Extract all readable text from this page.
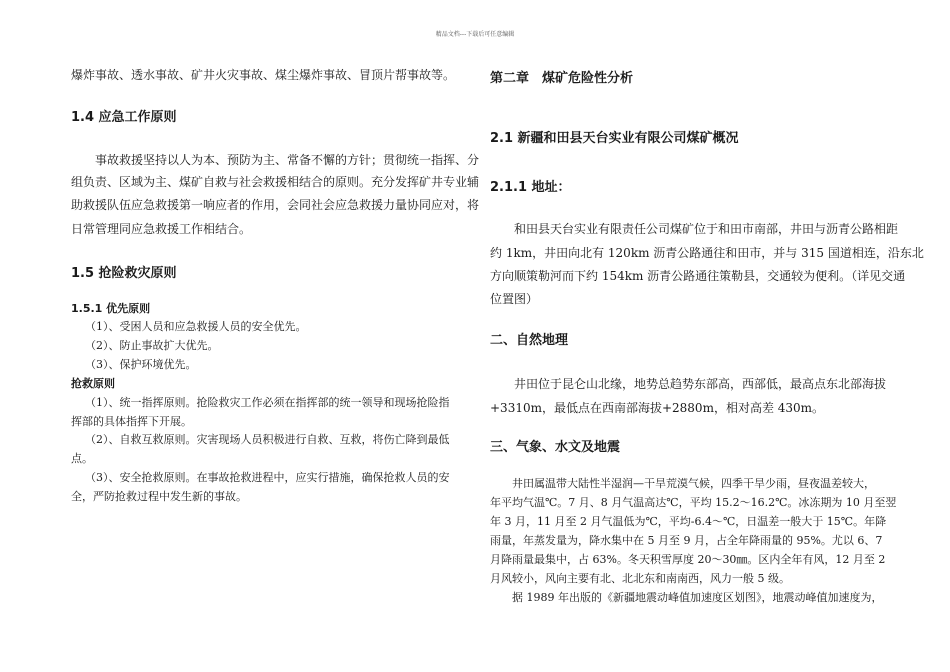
精品文档---下载后可任意编辑
爆炸事故、透水事故、矿井火灾事故、煤尘爆炸事故、冒顶片帮事故等。
1.4 应急工作原则
　　事故救援坚持以人为本、预防为主、常备不懈的方针；贯彻统一指挥、分
组负责、区域为主、煤矿自救与社会救援相结合的原则。充分发挥矿井专业辅
助救援队伍应急救援第一响应者的作用，会同社会应急救援力量协同应对，将
日常管理同应急救援工作相结合。
1.5 抢险救灾原则
1.5.1 优先原则
（1）、受困人员和应急救援人员的安全优先。
（2）、防止事故扩大优先。
（3）、保护环境优先。
抢救原则
（1）、统一指挥原则。抢险救灾工作必须在指挥部的统一领导和现场抢险指
挥部的具体指挥下开展。
（2）、自救互救原则。灾害现场人员积极进行自救、互救，将伤亡降到最低
点。
（3）、安全抢救原则。在事故抢救进程中，应实行措施，确保抢救人员的安
全，严防抢救过程中发生新的事故。
第二章　煤矿危险性分析
2.1 新疆和田县天台实业有限公司煤矿概况
2.1.1 地址：
　　和田县天台实业有限责任公司煤矿位于和田市南部，井田与沥青公路相距
约 1km，井田向北有 120km 沥青公路通往和田市，并与 315 国道相连，沿东北
方向顺策勒河而下约 154km 沥青公路通往策勒县，交通较为便利。（详见交通
位置图）
二、自然地理
　　井田位于昆仑山北缘，地势总趋势东部高，西部低，最高点东北部海拔
+3310m，最低点在西南部海拔+2880m，相对高差 430m。
三、气象、水文及地震
　　井田属温带大陆性半湿润—干旱荒漠气候，四季干旱少雨，昼夜温差较大，
年平均气温℃。7 月、8 月气温高达℃，平均 15.2～16.2℃。冰冻期为 10 月至翌
年 3 月，11 月至 2 月气温低为℃，平均-6.4～℃，日温差一般大于 15℃。年降
雨量，年蒸发量为，降水集中在 5 月至 9 月，占全年降雨量的 95%。尤以 6、7
月降雨量最集中，占 63%。冬天积雪厚度 20～30㎜。区内全年有风，12 月至 2
月风较小，风向主要有北、北北东和南南西，风力一般 5 级。
　　据 1989 年出版的《新疆地震动峰值加速度区划图》，地震动峰值加速度为，
